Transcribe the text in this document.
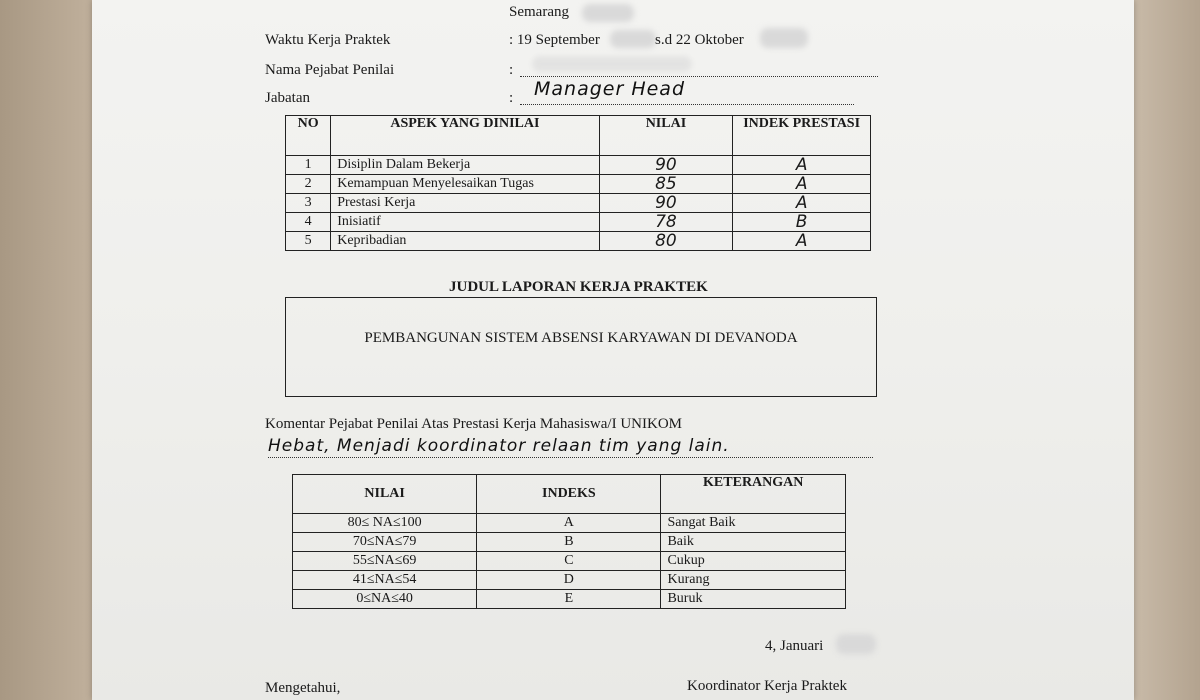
Semarang
Waktu Kerja Praktek	: 19 September	s.d 22 Oktober
Nama Pejabat Penilai	:
Jabatan	: Manager Head
NO	ASPEK YANG DINILAI	NILAI	INDEK PRESTASI
1	Disiplin Dalam Bekerja	90	A
2	Kemampuan Menyelesaikan Tugas	85	A
3	Prestasi Kerja	90	A
4	Inisiatif	78	B
5	Kepribadian	80	A
JUDUL LAPORAN KERJA PRAKTEK
PEMBANGUNAN SISTEM ABSENSI KARYAWAN DI DEVANODA
Komentar Pejabat Penilai Atas Prestasi Kerja Mahasiswa/I UNIKOM
Hebat, Menjadi koordinator relaan tim yang lain.
NILAI	INDEKS	KETERANGAN
80≤ NA≤100	A	Sangat Baik
70≤NA≤79	B	Baik
55≤NA≤69	C	Cukup
41≤NA≤54	D	Kurang
0≤NA≤40	E	Buruk
4, Januari
Mengetahui,	Koordinator Kerja Praktek
